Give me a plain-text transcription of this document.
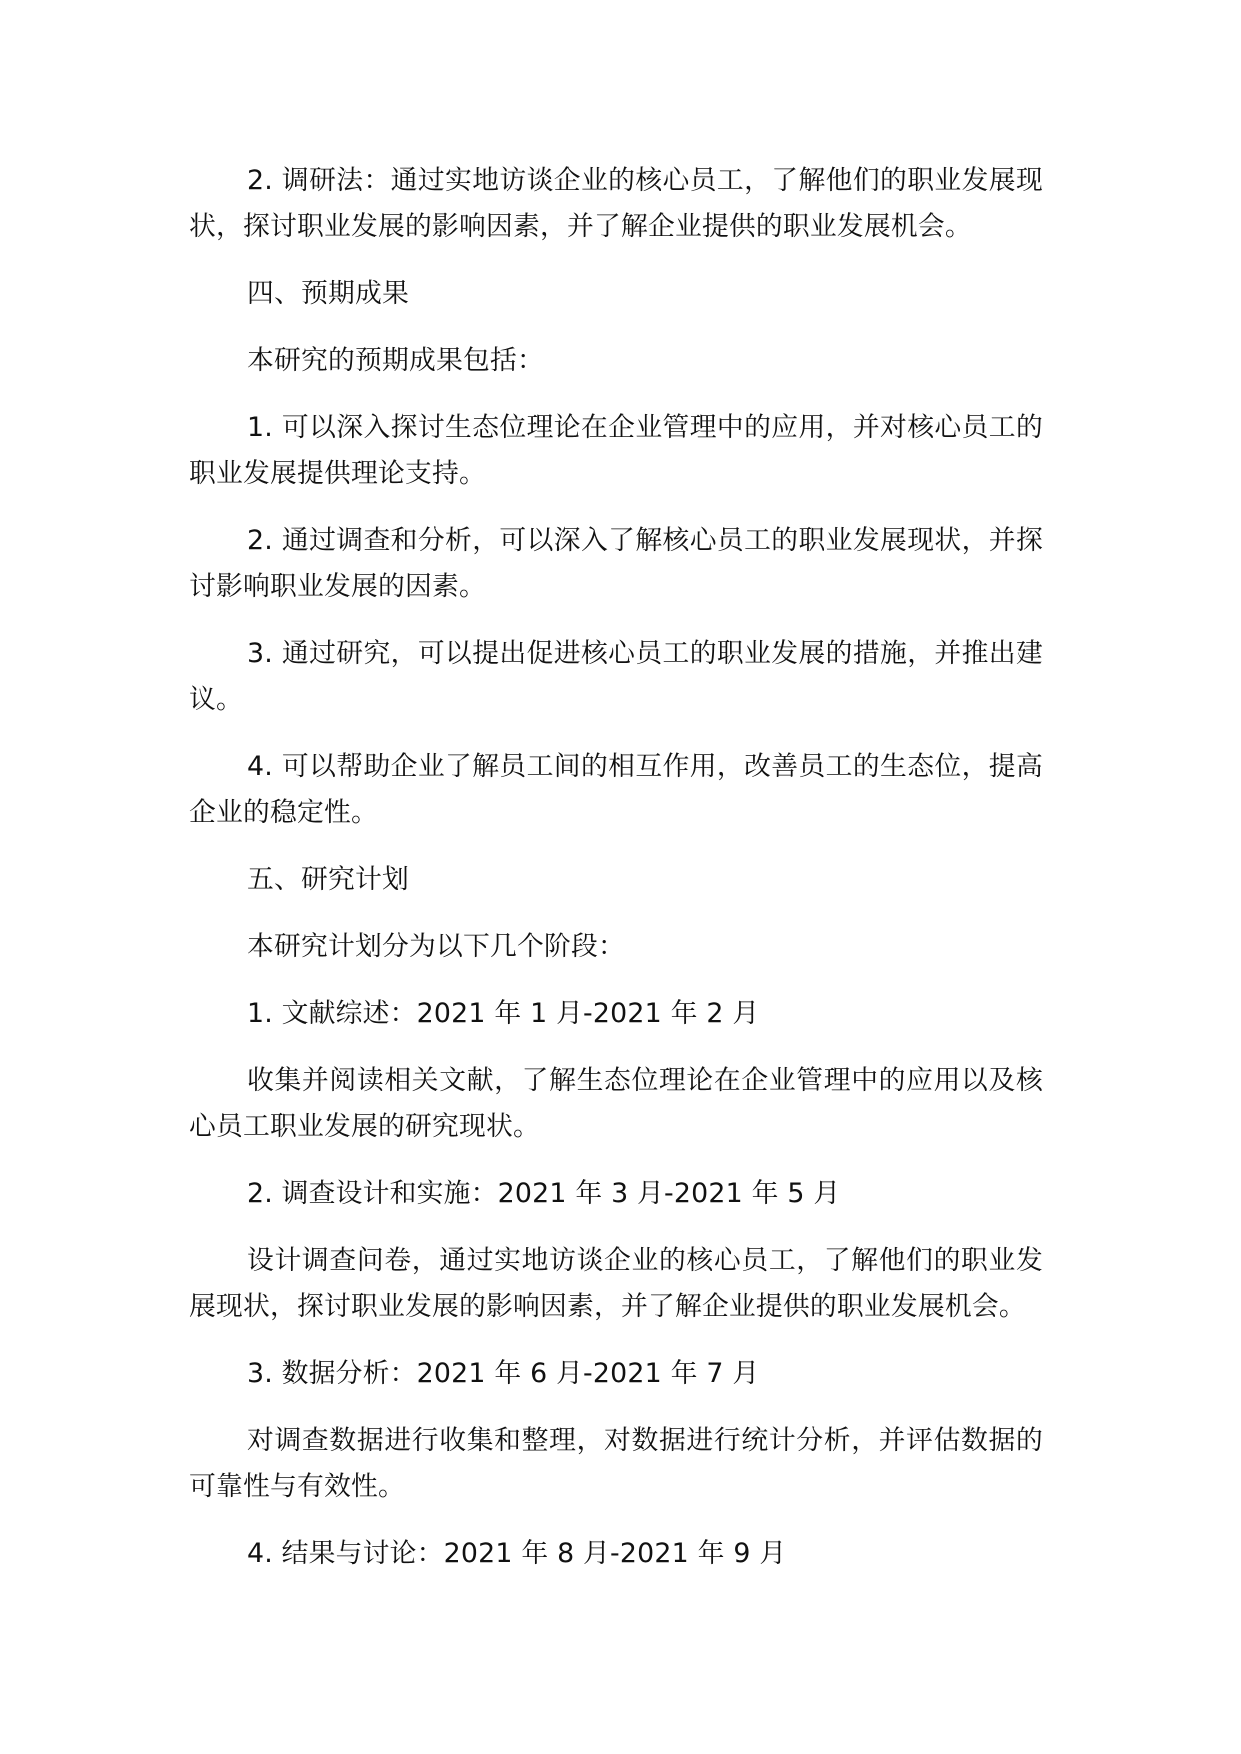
2. 调研法：通过实地访谈企业的核心员工，了解他们的职业发展现状，探讨职业发展的影响因素，并了解企业提供的职业发展机会。

四、预期成果

本研究的预期成果包括：

1. 可以深入探讨生态位理论在企业管理中的应用，并对核心员工的职业发展提供理论支持。

2. 通过调查和分析，可以深入了解核心员工的职业发展现状，并探讨影响职业发展的因素。

3. 通过研究，可以提出促进核心员工的职业发展的措施，并推出建议。

4. 可以帮助企业了解员工间的相互作用，改善员工的生态位，提高企业的稳定性。

五、研究计划

本研究计划分为以下几个阶段：

1. 文献综述：2021 年 1 月-2021 年 2 月

收集并阅读相关文献，了解生态位理论在企业管理中的应用以及核心员工职业发展的研究现状。

2. 调查设计和实施：2021 年 3 月-2021 年 5 月

设计调查问卷，通过实地访谈企业的核心员工，了解他们的职业发展现状，探讨职业发展的影响因素，并了解企业提供的职业发展机会。

3. 数据分析：2021 年 6 月-2021 年 7 月

对调查数据进行收集和整理，对数据进行统计分析，并评估数据的可靠性与有效性。

4. 结果与讨论：2021 年 8 月-2021 年 9 月
